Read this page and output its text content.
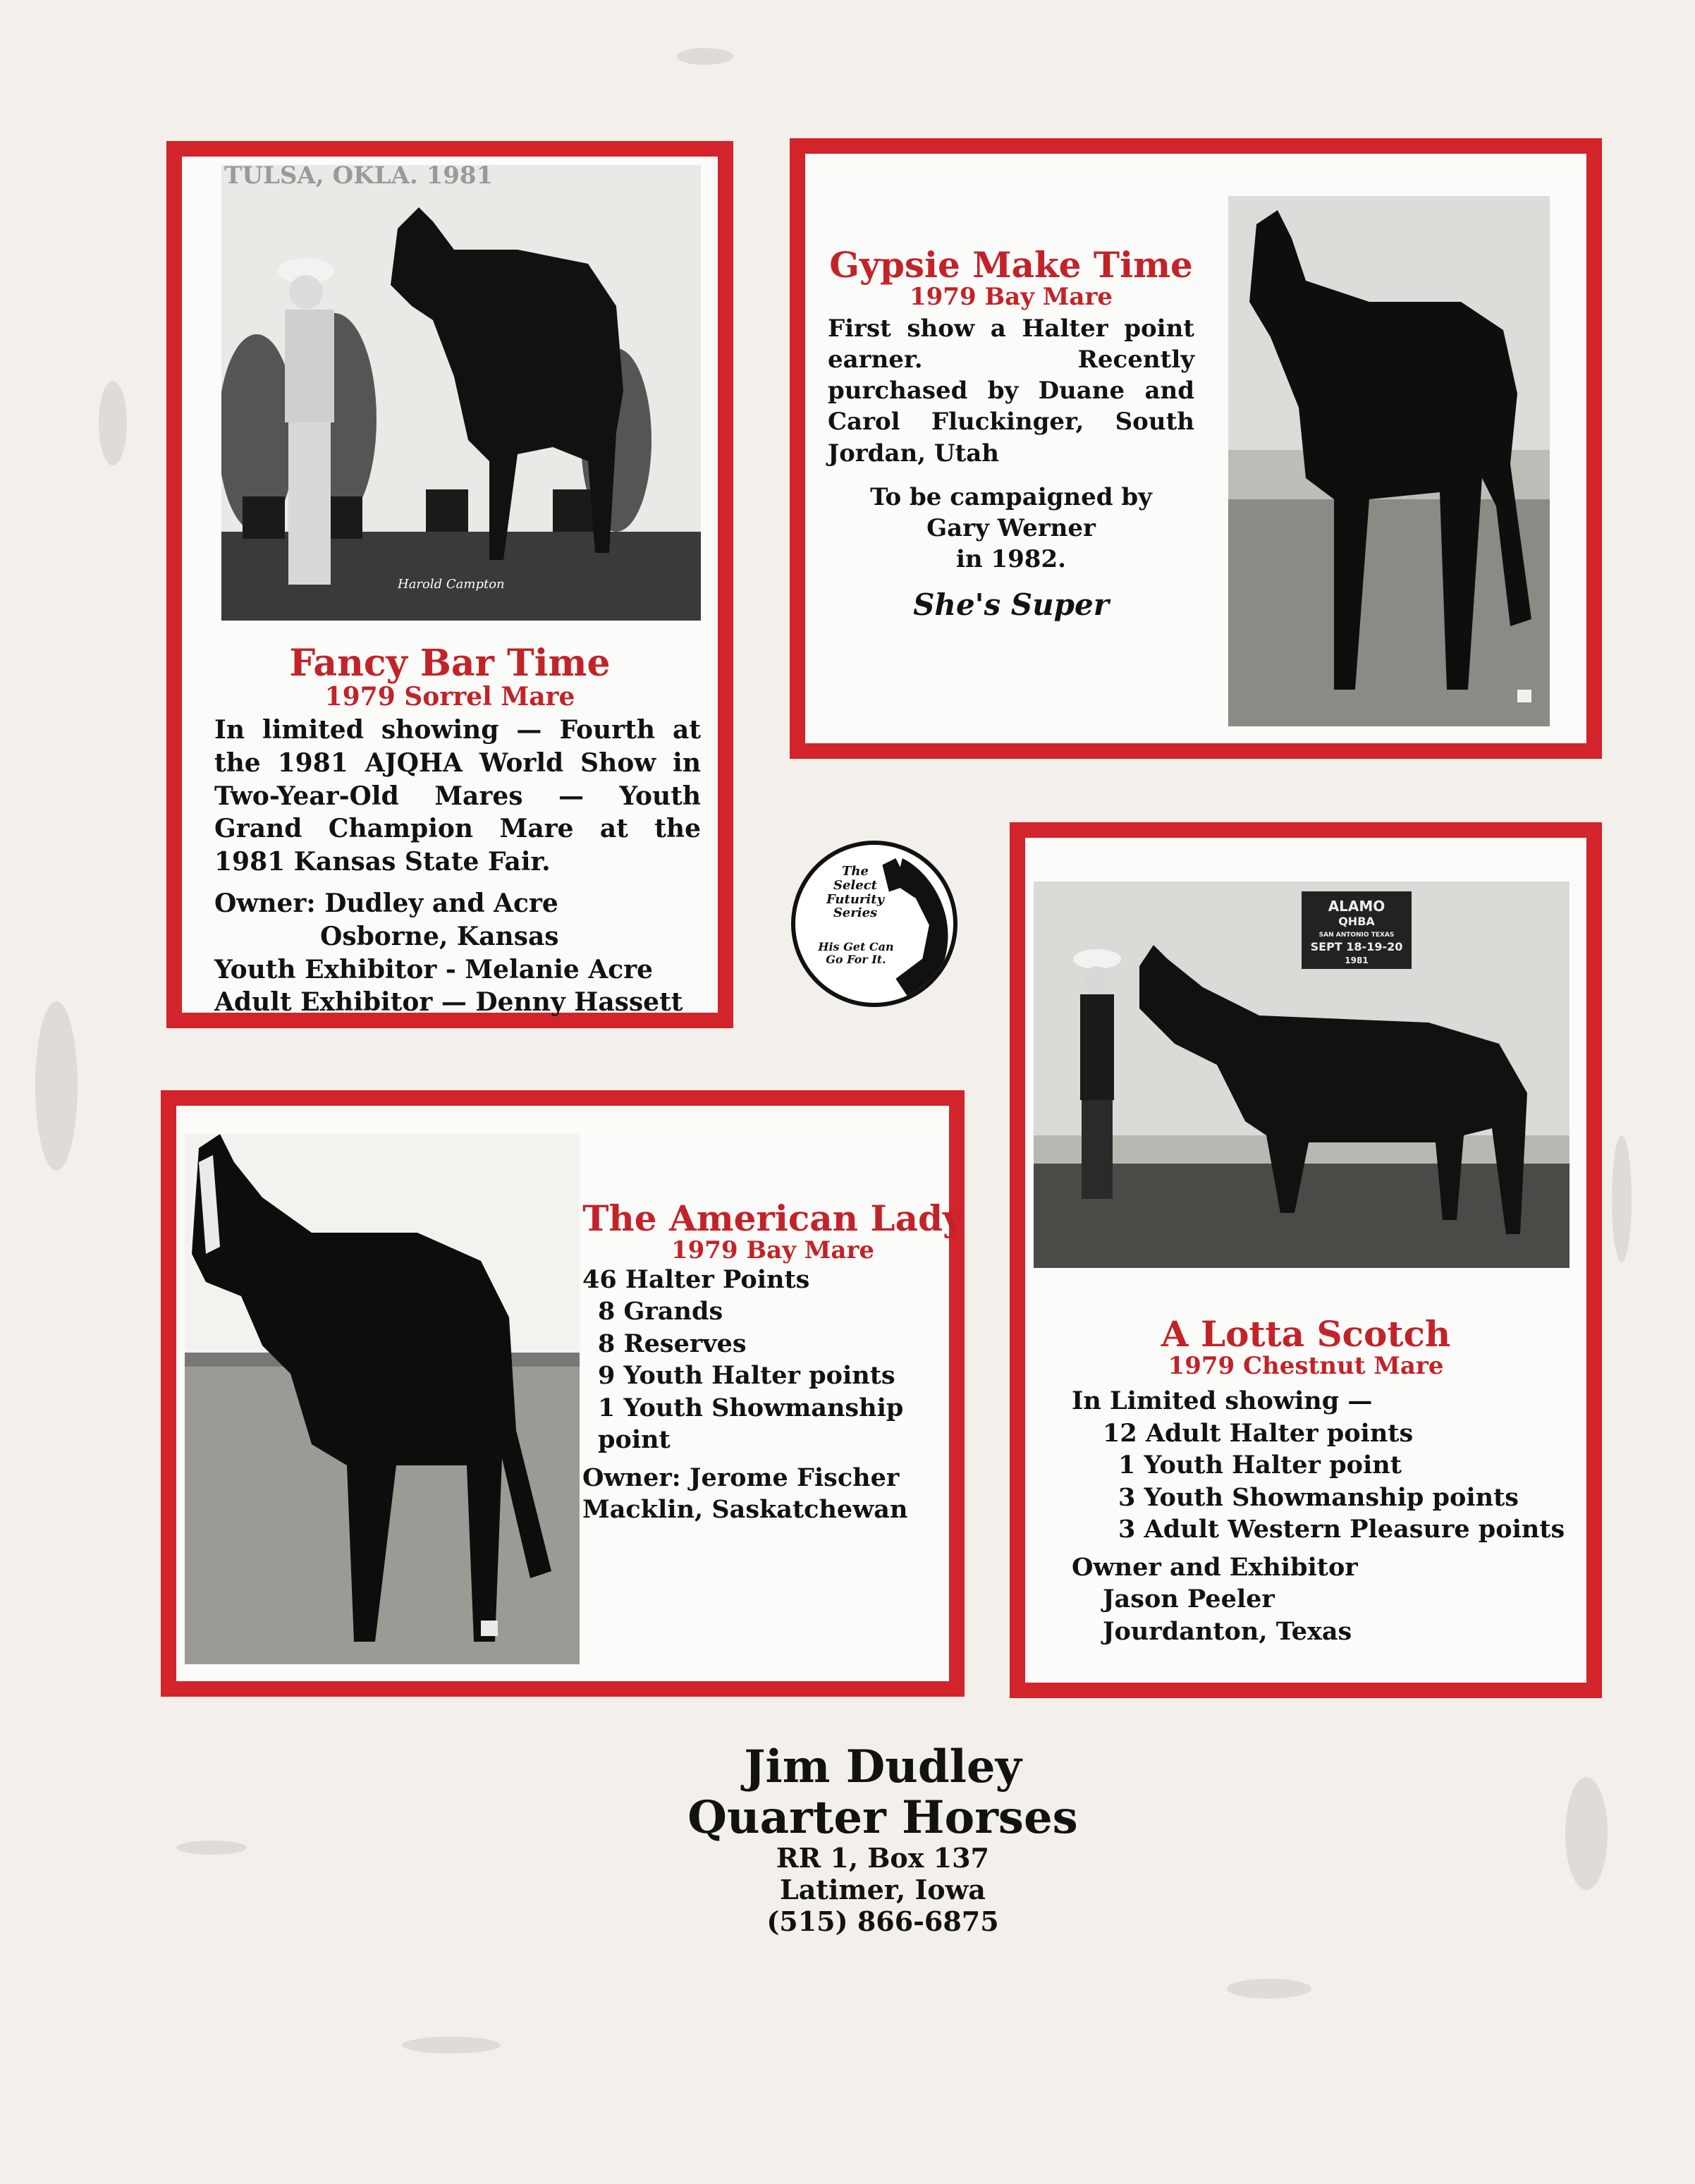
TULSA, OKLA. 1981
Harold Campton

Fancy Bar Time

1979 Sorrel Mare

In limited showing — Fourth at the 1981 AJQHA World Show in Two-Year-Old Mares — Youth Grand Champion Mare at the 1981 Kansas State Fair.

Owner: Dudley and Acre

Osborne, Kansas

Youth Exhibitor - Melanie Acre

Adult Exhibitor — Denny Hassett

Gypsie Make Time

1979 Bay Mare

First show a Halter point earner. Recently purchased by Duane and Carol Fluckinger, South Jordan, Utah

To be campaigned by

Gary Werner

in 1982.

She's Super

The

Select

Futurity

Series

His Get Can

Go For It.

The American Lady

1979 Bay Mare

46 Halter Points

8 Grands

8 Reserves

9 Youth Halter points

1 Youth Showmanship point

Owner: Jerome Fischer

Macklin, Saskatchewan

ALAMO
QHBA
SAN ANTONIO TEXAS
SEPT 18-19-20
1981

A Lotta Scotch

1979 Chestnut Mare

In Limited showing —

12 Adult Halter points

1 Youth Halter point

3 Youth Showmanship points

3 Adult Western Pleasure points

Owner and Exhibitor

Jason Peeler

Jourdanton, Texas

Jim Dudley

Quarter Horses

RR 1, Box 137

Latimer, Iowa

(515) 866-6875
